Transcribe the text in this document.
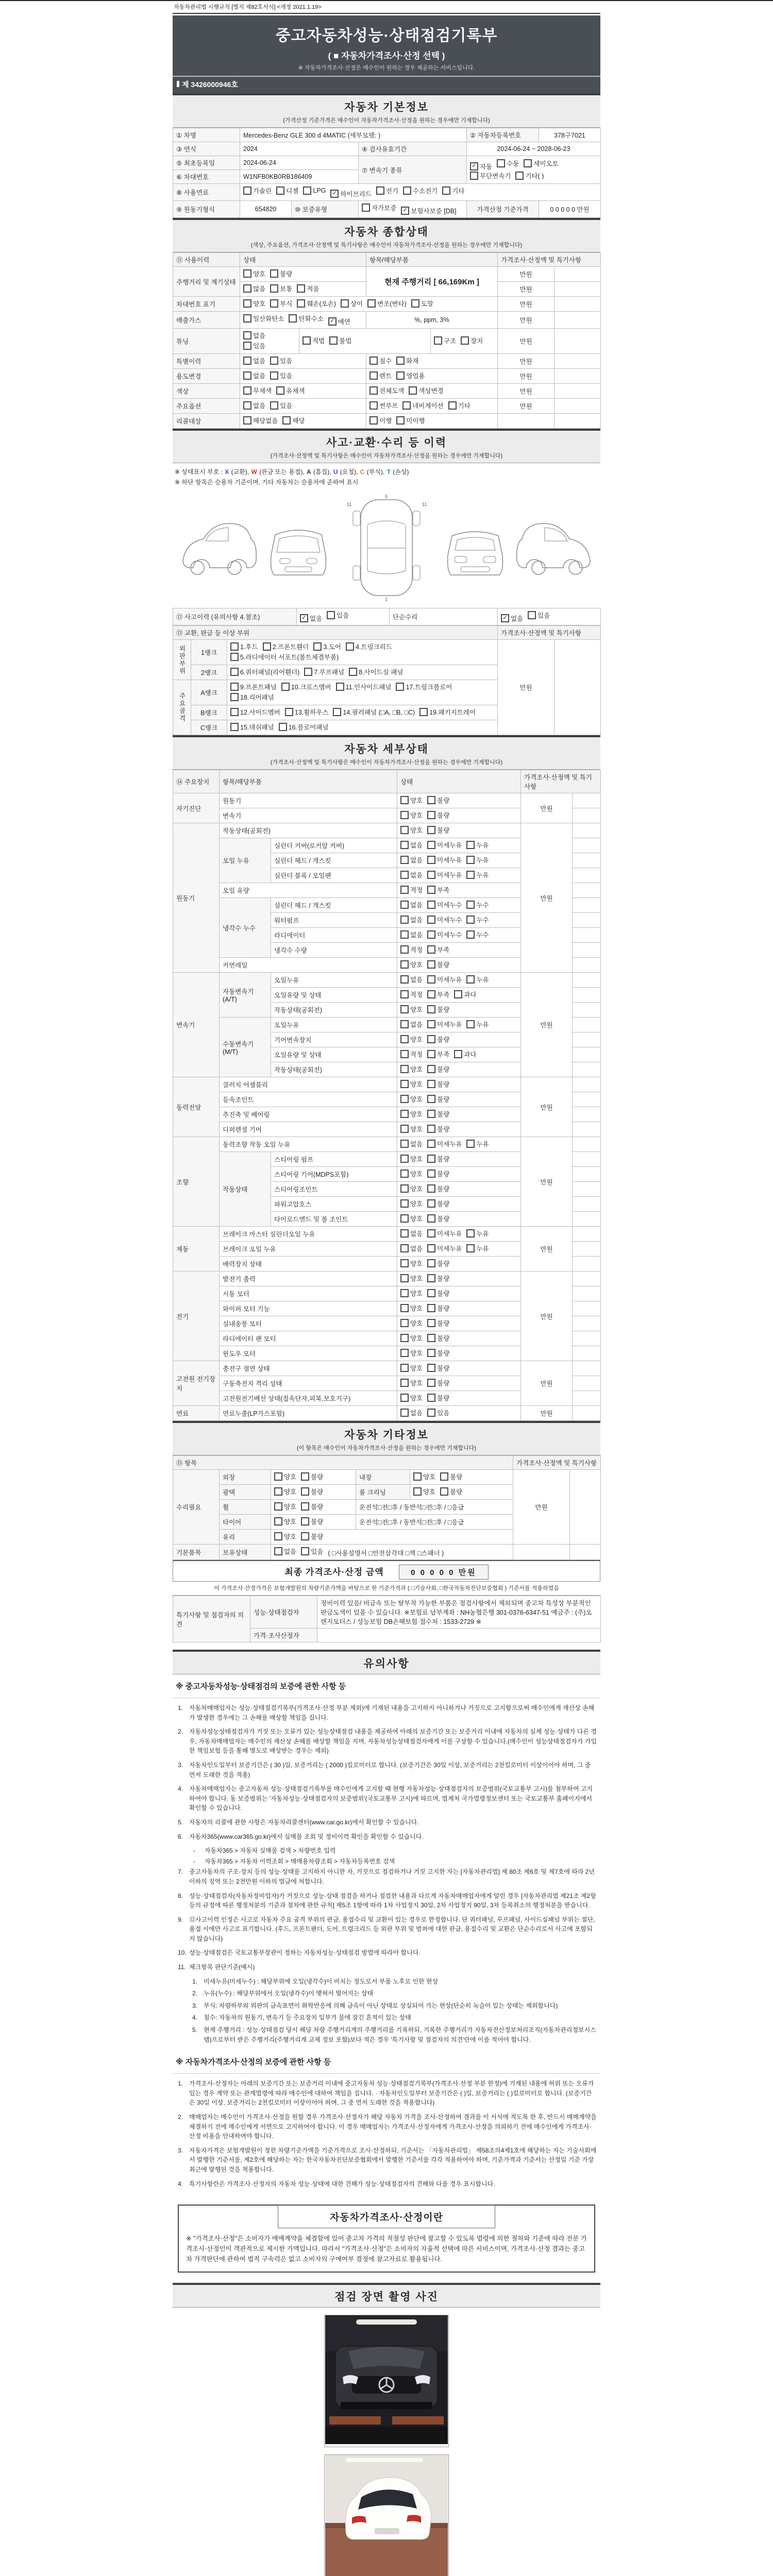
자동차관리법 시행규칙 [별지 제82호서식] <개정 2021.1.19>
중고자동차성능·상태점검기록부
( ■ 자동차가격조사·산정 선택 )
※ 자동차가격조사·산정은 매수인이 원하는 경우 제공하는 서비스입니다.
제 3426000946호
자동차 기본정보
(가격산정 기준가격은 매수인이 자동차가격조사·산정을 원하는 경우에만 기재합니다)
① 차명	Mercedes-Benz GLE 300 d 4MATIC (세부모델: )			② 자동차등록번호	378구7021
③ 연식	2024		④ 검사유효기간	2024-06-24 ~ 2028-06-23	
⑤ 최초등록일	2024-06-24	⑦ 변속기 종류	
✓ 자동 수동 세미오토
무단변속기 기타( )

⑥ 차대번호	W1NFB0KB0RB186409				
⑧ 사용연료	가솔린 디젤 LPG	✓ 하이브리드 전기 수소전기 기타

⑨ 원동기형식	654820	⑩ 보증유형	자가보증 ✓ 보험사보증 [DB]	가격산정 기준가격	0 0 0 0 0 만원
자동차 종합상태
(색상, 주요옵션, 가격조사·산정액 및 특기사항은 매수인이 자동차가격조사·산정을 원하는 경우에만 기재합니다)
⑪ 사용이력	상태		항목/해당부품		가격조사·산정액 및 특기사항	
주행거리 및 계기상태	양호 불량		현재 주행거리 [ 66,169Km ]		만원	

	많음 보통 적음				만원	
차대번호 표기	양호 부식 훼손(오손) 상이 변조(변타) 도말	만원	
배출가스	일산화탄소 탄화수소 ✓ 매연		%, ppm, 3%		만원	
튜닝	없음
있음	적법 불법		구조 장치	만원	
특별이력	없음 있음		침수 화재		만원	
용도변경	없음 있음		렌트 영업용		만원	
색상	무채색 유채색		전체도색 색상변경		만원	
주요옵션	없음 있음		썬루프 네비게이션 기타		만원	
리콜대상	해당없음 해당		이행 미이행			

사고·교환·수리 등 이력
(가격조사·산정액 및 특기사항은 매수인이 자동차가격조사·산정을 원하는 경우에만 기재합니다)
※ 상태표시 부호 : X (교환), W (판금 또는 용접), A (흠집), U (요철), C (부식), T (손상)
※ 하단 항목은 승용차 기준이며, 기타 자동차는 승용차에 준하여 표시
11
5
11
1
⑫ 사고이력 (유의사항 4.참조)	✓ 없음 있음	단순수리	✓ 없음 있음
⑬ 교환, 판금 등 이상 부위			가격조사·산정액 및 특기사항	
외판부위	1랭크	1.후드 2.프론트휀더 3.도어 4.트렁크리드
5.라디에이터 서포트(볼트체결부품)	만원	
	2랭크	6.쿼터패널(리어휀더) 7.루프패널 8.사이드실 패널		

주요골격	A랭크	9.프론트패널 10.크로스멤버 11.인사이드패널 17.트렁크플로어
18.리어패널		

	B랭크	12.사이드멤버 13.휠하우스 14.필러패널 (□A, □B, □C) 19.패키지트레이		

	C랭크	15.대쉬패널 16.플로어패널		
자동차 세부상태
(가격조사·산정액 및 특기사항은 매수인이 자동차가격조사·산정을 원하는 경우에만 기재합니다)
⑭ 주요장치	항목/해당부품		상태	가격조사·산정액 및 특기사항	
자기진단	원동기		양호 불량	만원	
	변속기		양호 불량		

원동기	작동상태(공회전)		양호 불량	만원	
	오일 누유	실린더 커버(로커암 커버)	없음 미세누유 누유		

		실린더 헤드 / 개스킷	없음 미세누유 누유		

		실린더 블록 / 오일팬	없음 미세누유 누유		

	오일 유량		적정 부족		

	냉각수 누수	실린더 헤드 / 개스킷	없음 미세누수 누수		

		워터펌프	없음 미세누수 누수		

		라디에이터	없음 미세누수 누수		

		냉각수 수량	적정 부족		

	커먼레일		양호 불량		

변속기	자동변속기 (A/T)	오일누유	없음 미세누유 누유	만원	
		오일유량 및 상태	적정 부족 과다		

		작동상태(공회전)	양호 불량		

	수동변속기 (M/T)	오일누유	없음 미세누유 누유		

		기어변속장치	양호 불량		

		오일유량 및 상태	적정 부족 과다		

		작동상태(공회전)	양호 불량		

동력전달	클러치 어셈블리		양호 불량	만원	
	등속조인트		양호 불량		

	추진축 및 베어링		양호 불량		

	디퍼렌셜 기어		양호 불량		

조향	동력조향 작동 오일 누유		없음 미세누유 누유	만원	
	작동상태	스티어링 펌프	양호 불량		

		스티어링 기어(MDPS포함)	양호 불량		

		스티어링조인트	양호 불량		

		파워고압호스	양호 불량		

		타이로드엔드 및 볼 조인트	양호 불량		

제동	브레이크 마스터 실린더오일 누유		없음 미세누유 누유	만원	
	브레이크 오일 누유		없음 미세누유 누유		

	배력장치 상태		양호 불량		

전기	발전기 출력		양호 불량	만원	
	시동 모터		양호 불량		

	와이퍼 모터 기능		양호 불량		

	실내송풍 모터		양호 불량		

	라디에이터 팬 모터		양호 불량		

	윈도우 모터		양호 불량		

고전원 전기장치	충전구 절연 상태		양호 불량	만원	
	구동축전지 격리 상태		양호 불량		

	고전원전기배선 상태(접속단자,피복,보호기구)		양호 불량		

연료	연료누출(LP가스포함)		없음 있음	만원	
자동차 기타정보
(이 항목은 매수인이 자동차가격조사·산정을 원하는 경우에만 기재합니다)
⑮ 항목					가격조사·산정액 및 특기사항	
수리필요	외장	양호 불량	내장	양호 불량	만원	
	광택	양호 불량	룸 크리닝	양호 불량		

	휠	양호 불량	운전석□전□후 / 동반석□전□후 / □응급			
	타이어	양호 불량	운전석□전□후 / 동반석□전□후 / □응급			
	유리	양호 불량				

기본품목	보유상태	없음 있음 ( □사용설명서 □안전삼각대 □잭 □스패너 )				
최종 가격조사·산정 금액	0 0 0 0 0 만원
이 가격조사·산정가격은 보험개발원의 차량기준가액을 바탕으로 한 기준가격과 ( □기술사회, □한국자동차진단보증협회 ) 기준서를 적용하였음
특기사항 및 점검자의 의견	성능·상태점검자	정비이력 있음/ 비금속 또는 탈부착 가능한 부품은 점검사항에서 제외되며 중고차 특성상 부분적인 판금도색이 있을 수 있습니다. ※보험료 납부계좌 : NH농협은행 301-0376-6347-51 예금주 : (주)오렌지모터스 / 성능보험 DB손해보험 접수처 : 1533-2729 ※
	가격·조사산정자	
유의사항
※ 중고자동차성능·상태점검의 보증에 관한 사항 등
1. 자동차매매업자는 성능·상태점검기록부(가격조사·산정 부분 제외)에 기재된 내용을 고지하지 아니하거나 거짓으로 고지함으로써 매수인에게 재산상 손해가 발생한 경우에는 그 손해를 배상할 책임을 집니다.
2. 자동차성능상태점검자가 거짓 또는 오류가 있는 성능상태점검 내용을 제공하여 아래의 보증기간 또는 보증거리 이내에 자동차의 실제 성능·상태가 다른 경우, 자동차매매업자는 매수인의 재산상 손해를 배상할 책임을 지며, 자동차성능상태점검자에게 이를 구상할 수 있습니다.(매수인이 성능상태점검자가 가입한 책임보험 등을 통해 별도로 배상받는 경우는 제외)
3. 자동차인도일부터 보증기간은 ( 30 )일, 보증거리는 ( 2000 )킬로미터로 합니다. (보증기간은 30일 이상, 보증거리는 2천킬로미터 이상이어야 하며, 그 중 먼저 도래한 것을 적용)
4. 자동차매매업자는 중고자동차 성능·상태점검기록부를 매수인에게 고지할 때 현행 자동차성능·상태점검자의 보증범위(국토교통부 고시)를 첨부하여 고지하여야 합니다. 동 보증범위는 '자동차성능·상태점검자의 보증범위'(국토교통부 고시)에 따르며, 법제처 국가법령정보센터 또는 국토교통부 홈페이지에서 확인할 수 있습니다.
5. 자동차의 리콜에 관한 사항은 자동차리콜센터(www.car.go.kr)에서 확인할 수 있습니다.
6. 자동차365(www.car365.go.kr)에서 실매물 조회 및 정비이력 확인을 확인할 수 있습니다.
-	자동차365 > 자동차 실매물 검색 > 차량번호 입력
-	자동차365 > 자동차 이력조회 > 매매용차량조회 > 자동차등록번호 검색
7. 중고자동차의 구조·장치 등의 성능·상태를 고지하지 아니한 자, 거짓으로 점검하거나 거짓 고지한 자는 [자동차관리법] 제 80조 제6호 및 제7호에 따라 2년 이하의 징역 또는 2천만원 이하의 벌금에 처합니다.
8. 성능·상태점검자(자동차정비업자)가 거짓으로 성능·상태 점검을 하거나 점검한 내용과 다르게 자동차매매업자에게 알린 경우 [자동차관리법 제21조 제2항 등의 규정에 따른 행정처분의 기준과 절차에 관한 규칙] 제5조 1항에 따라 1차 사업정지 30일, 2차 사업정지 90일, 3차 등록취소의 행정처분을 받습니다.
9. ⑫사고이력 인정은 사고로 자동차 주요 골격 부위의 판금, 용접수리 및 교환이 있는 경우로 한정합니다. 단 쿼터패널, 루프패널, 사이드실패널 부위는 절단, 용접 시에만 사고로 표기합니다. (후드, 프론트펜더, 도어, 트렁크리드 등 외판 부위 및 범퍼에 대한 판금, 용접수리 및 교환은 단순수리로서 사고에 포함되지 않습니다)
10. 성능·상태점검은 국토교통부장관이 정하는 자동차성능·상태점검 방법에 따라야 합니다.
11. 체크항목 판단기준(예시)
1. 미세누유(미세누수) : 해당부위에 오일(냉각수)이 비치는 정도로서 부품 노후로 인한 현상
2. 누유(누수) : 해당부위에서 오일(냉각수)이 맺혀서 떨어지는 상태
3. 부식: 차량하부와 외판의 금속표면이 화학반응에 의해 금속이 아닌 상태로 상실되어 가는 현상(단순히 녹슬어 있는 상태는 제외합니다)
4. 침수: 자동차의 원동기, 변속기 등 주요장치 일부가 물에 잠긴 흔적이 있는 상태
5. 현재 주행거리 : 성능·상태점검 당시 해당 차량 주행거리계의 주행거리를 기록하되, 기록한 주행거리가 자동차전산정보처리조직(자동차관리정보시스템)으로부터 받은 주행거리(주행거리계 교체 정보 포함)보다 적은 경우 '특기사항 및 점검자의 의견'란에 이를 적어야 합니다.
※ 자동차가격조사·산정의 보증에 관한 사항 등
1. 가격조사·산정자는 아래의 보증기간 또는 보증거리 이내에 중고자동차 성능·상태점검기록부(가격조사·산정 부분 한정)에 기재된 내용에 허위 또는 오류가 있는 경우 계약 또는 관계법령에 따라 매수인에 대하여 책임을 집니다. · 자동차인도일부터 보증기간은 ( )일, 보증거리는 ( )킬로미터로 합니다. (보증기간은 30일 이상, 보증거리는 2천킬로미터 이상이어야 하며, 그 중 먼저 도래한 것을 적용합니다)
2. 매매업자는 매수인이 가격조사·산정을 원할 경우 가격조사·산정자가 해당 자동차 가격을 조사·산정하여 결과를 이 서식에 적도록 한 후, 반드시 매매계약을 체결하기 전에 매수인에게 서면으로 고지하여야 합니다. 이 경우 매매업자는 가격조사·산정자에게 가격조사·산정을 의뢰하기 전에 매수인에게 가격조사·산정 비용을 안내하여야 합니다.
3. 자동차가격은 보험개발원이 정한 차량기준가액을 기준가격으로 조사·산정하되, 기준서는 「자동차관리법」 제58조의4제1호에 해당하는 자는 기술사회에서 발행한 기준서를, 제2호에 해당하는 자는 한국자동차진단보증협회에서 발행한 기준서를 각각 적용하여야 하며, 기준가격과 기준서는 산정일 기준 가장 최근에 발행된 것을 적용합니다.
4. 특기사항란은 가격조사·산정자의 자동차 성능·상태에 대한 견해가 성능·상태점검자의 견해와 다를 경우 표시합니다.
자동차가격조사·산정이란
※ "가격조사·산정"은 소비자가 매매계약을 체결함에 있어 중고차 가격의 적절성 판단에 참고할 수 있도록 법령에 의한 절차와 기준에 따라 전문 가격조사·산정인이 객관적으로 제시한 가액입니다. 따라서 "가격조사·산정"은 소비자의 자율적 선택에 따른 서비스이며, 가격조사·산정 결과는 중고차 가격판단에 관하여 법적 구속력은 없고 소비자의 구매여부 결정에 참고자료로 활용됩니다.
점검 장면 촬영 사진
